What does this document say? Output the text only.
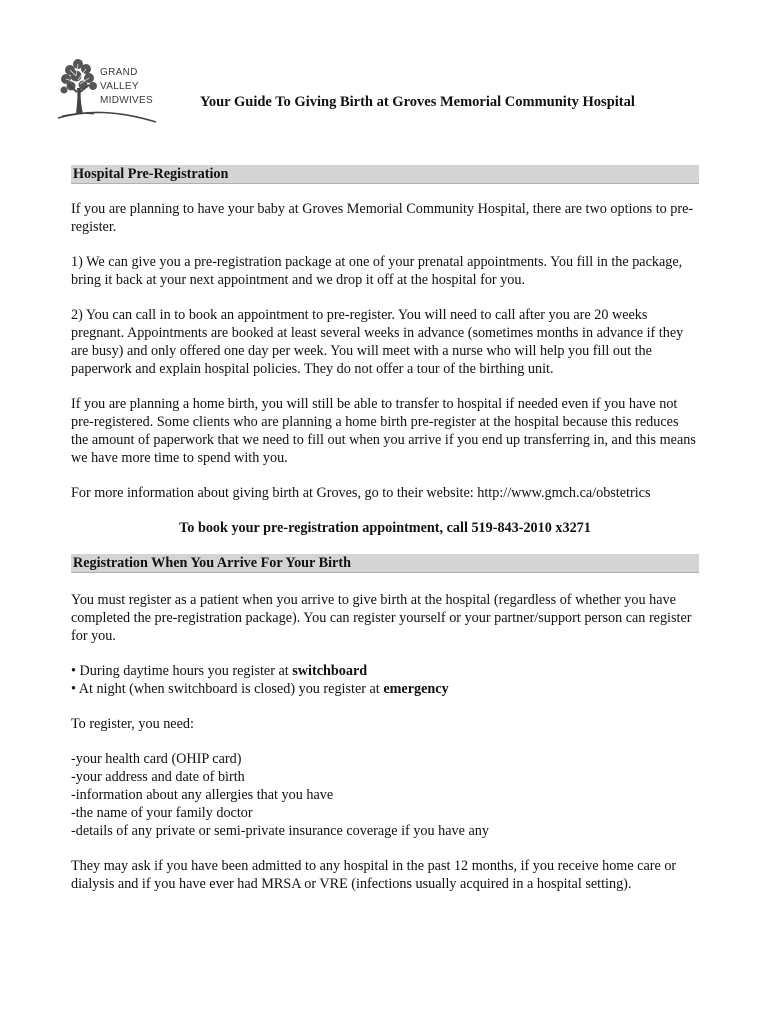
GRAND
VALLEY
MIDWIVES	Your Guide To Giving Birth at Groves Memorial Community Hospital
Hospital Pre-Registration

If you are planning to have your baby at Groves Memorial Community Hospital, there are two options to pre-register.

1) We can give you a pre-registration package at one of your prenatal appointments. You fill in the package, bring it back at your next appointment and we drop it off at the hospital for you.

2) You can call in to book an appointment to pre-register. You will need to call after you are 20 weeks pregnant. Appointments are booked at least several weeks in advance (sometimes months in advance if they are busy) and only offered one day per week. You will meet with a nurse who will help you fill out the paperwork and explain hospital policies. They do not offer a tour of the birthing unit.

If you are planning a home birth, you will still be able to transfer to hospital if needed even if you have not pre-registered. Some clients who are planning a home birth pre-register at the hospital because this reduces the amount of paperwork that we need to fill out when you arrive if you end up transferring in, and this means we have more time to spend with you.

For more information about giving birth at Groves, go to their website: http://www.gmch.ca/obstetrics

To book your pre-registration appointment, call 519-843-2010 x3271

Registration When You Arrive For Your Birth

You must register as a patient when you arrive to give birth at the hospital (regardless of whether you have completed the pre-registration package). You can register yourself or your partner/support person can register for you.

• During daytime hours you register at switchboard
• At night (when switchboard is closed) you register at emergency

To register, you need:

-your health card (OHIP card)
-your address and date of birth
-information about any allergies that you have
-the name of your family doctor
-details of any private or semi-private insurance coverage if you have any

They may ask if you have been admitted to any hospital in the past 12 months, if you receive home care or dialysis and if you have ever had MRSA or VRE (infections usually acquired in a hospital setting).
